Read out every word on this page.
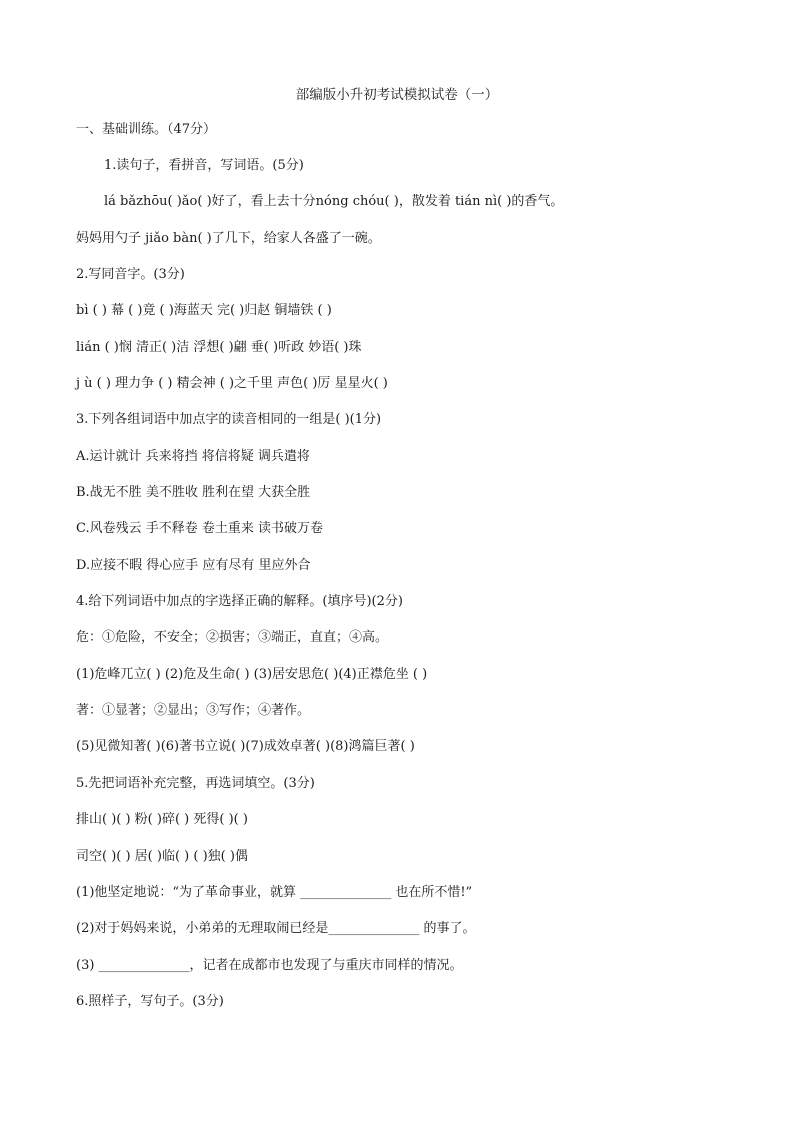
部编版小升初考试模拟试卷（一）
一、基础训练。（47分）
1.读句子，看拼音，写词语。(5分)
lá bǎzhōu( )ǎo( )好了，看上去十分nóng chóu( )，散发着 tián nì( )的香气。
妈妈用勺子 jiǎo bàn( )了几下，给家人各盛了一碗。
2.写同音字。(3分)
bì ( ) 幕 ( )竟 ( )海蓝天 完( )归赵 铜墙铁 ( )
lián ( )悯 清正( )洁 浮想( )翩 垂( )听政 妙语( )珠
j ù ( ) 理力争 ( ) 精会神 ( )之千里 声色( )厉 星星火( )
3.下列各组词语中加点字的读音相同的一组是( )(1分)
A.运计就计 兵来将挡 将信将疑 调兵遣将
B.战无不胜 美不胜收 胜利在望 大获全胜
C.风卷残云 手不释卷 卷土重来 读书破万卷
D.应接不暇 得心应手 应有尽有 里应外合
4.给下列词语中加点的字选择正确的解释。(填序号)(2分)
危：①危险，不安全；②损害；③端正，直直；④高。
(1)危峰兀立( ) (2)危及生命( ) (3)居安思危( )(4)正襟危坐 ( )
著：①显著；②显出；③写作；④著作。
(5)见微知著( )(6)著书立说( )(7)成效卓著( )(8)鸿篇巨著( )
5.先把词语补充完整，再选词填空。(3分)
排山( )( ) 粉( )碎( ) 死得( )( )
司空( )( ) 居( )临( ) ( )独( )偶
(1)他坚定地说：“为了革命事业，就算 ______________ 也在所不惜!”
(2)对于妈妈来说，小弟弟的无理取闹已经是______________ 的事了。
(3) ______________，记者在成都市也发现了与重庆市同样的情况。
6.照样子，写句子。(3分)
